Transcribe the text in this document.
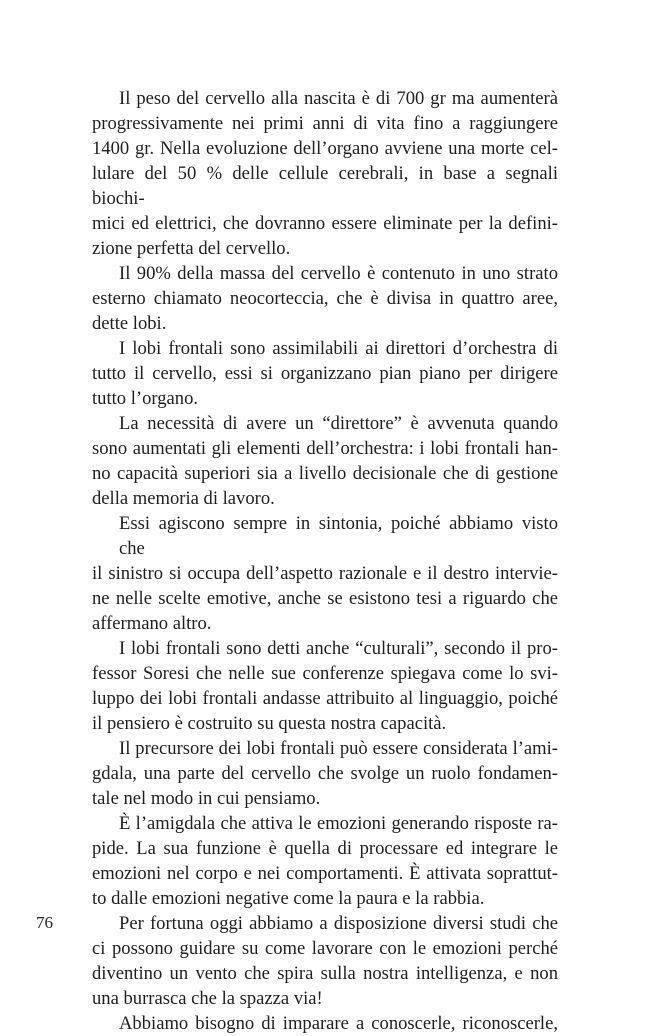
Il peso del cervello alla nascita è di 700 gr ma aumenterà
progressivamente nei primi anni di vita fino a raggiungere
1400 gr. Nella evoluzione dell’organo avviene una morte cel-
lulare del 50 % delle cellule cerebrali, in base a segnali biochi-
mici ed elettrici, che dovranno essere eliminate per la defini-
zione perfetta del cervello.

Il 90% della massa del cervello è contenuto in uno strato
esterno chiamato neocorteccia, che è divisa in quattro aree,
dette lobi.

I lobi frontali sono assimilabili ai direttori d’orchestra di
tutto il cervello, essi si organizzano pian piano per dirigere
tutto l’organo.

La necessità di avere un “direttore” è avvenuta quando
sono aumentati gli elementi dell’orchestra: i lobi frontali han-
no capacità superiori sia a livello decisionale che di gestione
della memoria di lavoro.

Essi agiscono sempre in sintonia, poiché abbiamo visto che
il sinistro si occupa dell’aspetto razionale e il destro interviе-
ne nelle scelte emotive, anche se esistono tesi a riguardo che
affermano altro.

I lobi frontali sono detti anche “culturali”, secondo il pro-
fessor Soresi che nelle sue conferenze spiegava come lo svi-
luppo dei lobi frontali andasse attribuito al linguaggio, poiché
il pensiero è costruito su questa nostra capacità.

Il precursore dei lobi frontali può essere considerata l’ami-
gdala, una parte del cervello che svolge un ruolo fondamen-
tale nel modo in cui pensiamo.

È l’amigdala che attiva le emozioni generando risposte ra-
pide. La sua funzione è quella di processare ed integrare le
emozioni nel corpo e nei comportamenti. È attivata soprattut-
to dalle emozioni negative come la paura e la rabbia.

Per fortuna oggi abbiamo a disposizione diversi studi che
ci possono guidare su come lavorare con le emozioni perché
diventino un vento che spira sulla nostra intelligenza, e non
una burrasca che la spazza via!

Abbiamo bisogno di imparare a conoscerle, riconoscerle,

76
